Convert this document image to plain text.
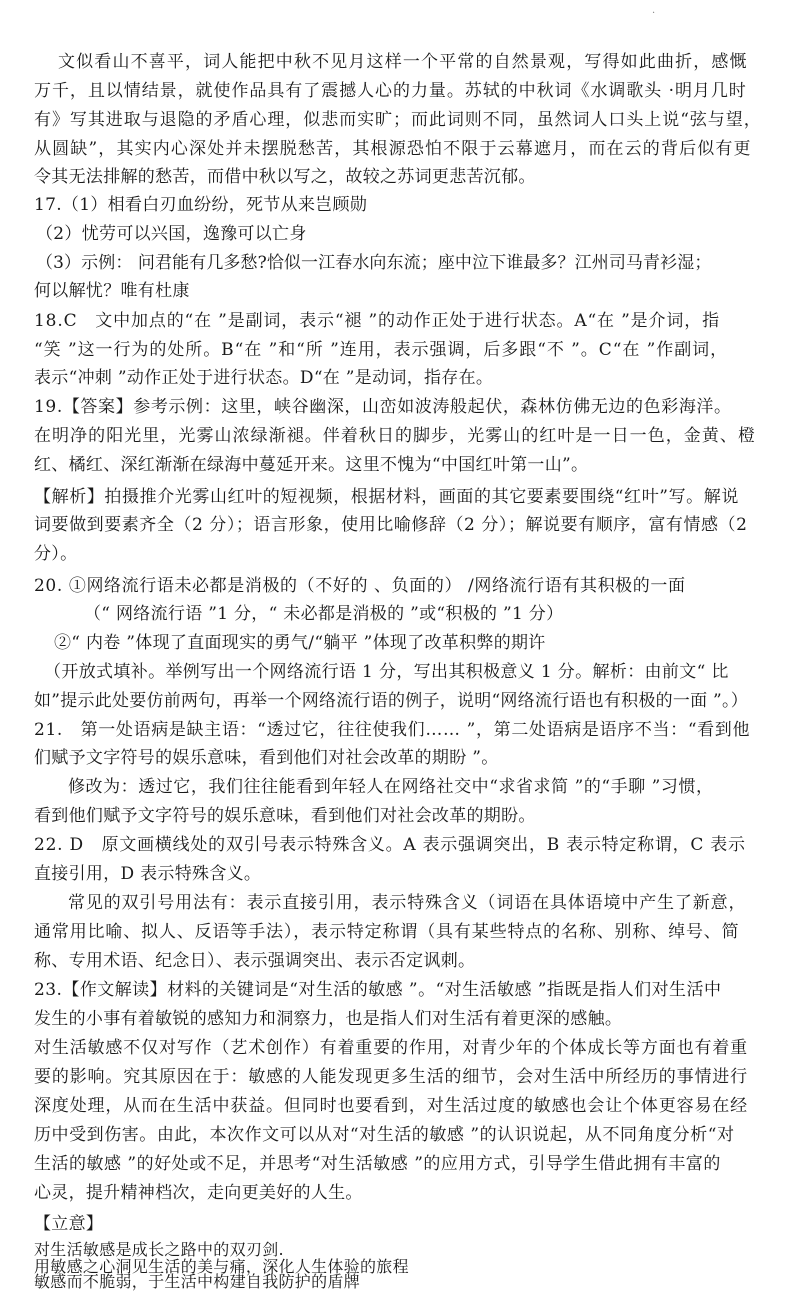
·
文似看山不喜平，词人能把中秋不见月这样一个平常的自然景观，写得如此曲折，感慨
万千，且以情结景，就使作品具有了震撼人心的力量。苏轼的中秋词《水调歌头 ·明月几时
有》写其进取与退隐的矛盾心理，似悲而实旷；而此词则不同，虽然词人口头上说“弦与望，
从圆缺”，其实内心深处并未摆脱愁苦，其根源恐怕不限于云幕遮月，而在云的背后似有更
令其无法排解的愁苦，而借中秋以写之，故较之苏词更悲苦沉郁。
17.（1）相看白刃血纷纷，死节从来岂顾勋
（2）忧劳可以兴国，逸豫可以亡身
（3）示例： 问君能有几多愁?恰似一江春水向东流；座中泣下谁最多？江州司马青衫湿；
何以解忧？唯有杜康
18.C　文中加点的“在 ”是副词，表示“褪 ”的动作正处于进行状态。A“在 ”是介词，指
“笑 ”这一行为的处所。B“在 ”和“所 ”连用，表示强调，后多跟“不 ”。C“在 ”作副词，
表示“冲刺 ”动作正处于进行状态。D“在 ”是动词，指存在。
19.【答案】参考示例：这里，峡谷幽深，山峦如波涛般起伏，森林仿佛无边的色彩海洋。
在明净的阳光里，光雾山浓绿渐褪。伴着秋日的脚步，光雾山的红叶是一日一色，金黄、橙
红、橘红、深红渐渐在绿海中蔓延开来。这里不愧为“中国红叶第一山”。
【解析】拍摄推介光雾山红叶的短视频，根据材料，画面的其它要素要围绕“红叶”写。解说
词要做到要素齐全（2 分）；语言形象，使用比喻修辞（2 分）；解说要有顺序，富有情感（2
分）。
20. ①网络流行语未必都是消极的（不好的 、负面的） /网络流行语有其积极的一面
（“ 网络流行语 ”1 分，“ 未必都是消极的 ”或“积极的 ”1 分）
②“ 内卷 ”体现了直面现实的勇气/“躺平 ”体现了改革积弊的期许
（开放式填补。举例写出一个网络流行语 1 分，写出其积极意义 1 分。解析：由前文“ 比
如”提示此处要仿前两句，再举一个网络流行语的例子，说明“网络流行语也有积极的一面 ”。）
21.　第一处语病是缺主语：“透过它，往往使我们…… ”，第二处语病是语序不当：“看到他
们赋予文字符号的娱乐意味，看到他们对社会改革的期盼 ”。
修改为：透过它，我们往往能看到年轻人在网络社交中“求省求简 ”的“手聊 ”习惯，
看到他们赋予文字符号的娱乐意味，看到他们对社会改革的期盼。
22. D　原文画横线处的双引号表示特殊含义。A 表示强调突出，B 表示特定称谓，C 表示
直接引用，D 表示特殊含义。
常见的双引号用法有：表示直接引用，表示特殊含义（词语在具体语境中产生了新意，
通常用比喻、拟人、反语等手法），表示特定称谓（具有某些特点的名称、别称、绰号、简
称、专用术语、纪念日）、表示强调突出、表示否定讽刺。
23.【作文解读】材料的关键词是“对生活的敏感 ”。“对生活敏感 ”指既是指人们对生活中
发生的小事有着敏锐的感知力和洞察力，也是指人们对生活有着更深的感触。
对生活敏感不仅对写作（艺术创作）有着重要的作用，对青少年的个体成长等方面也有着重
要的影响。究其原因在于：敏感的人能发现更多生活的细节，会对生活中所经历的事情进行
深度处理，从而在生活中获益。但同时也要看到，对生活过度的敏感也会让个体更容易在经
历中受到伤害。由此，本次作文可以从对“对生活的敏感 ”的认识说起，从不同角度分析“对
生活的敏感 ”的好处或不足，并思考“对生活敏感 ”的应用方式，引导学生借此拥有丰富的
心灵，提升精神档次，走向更美好的人生。
【立意】
对生活敏感是成长之路中的双刃剑.
用敏感之心洞见生活的美与痛，深化人生体验的旅程
敏感而不脆弱，于生活中构建自我防护的盾牌
